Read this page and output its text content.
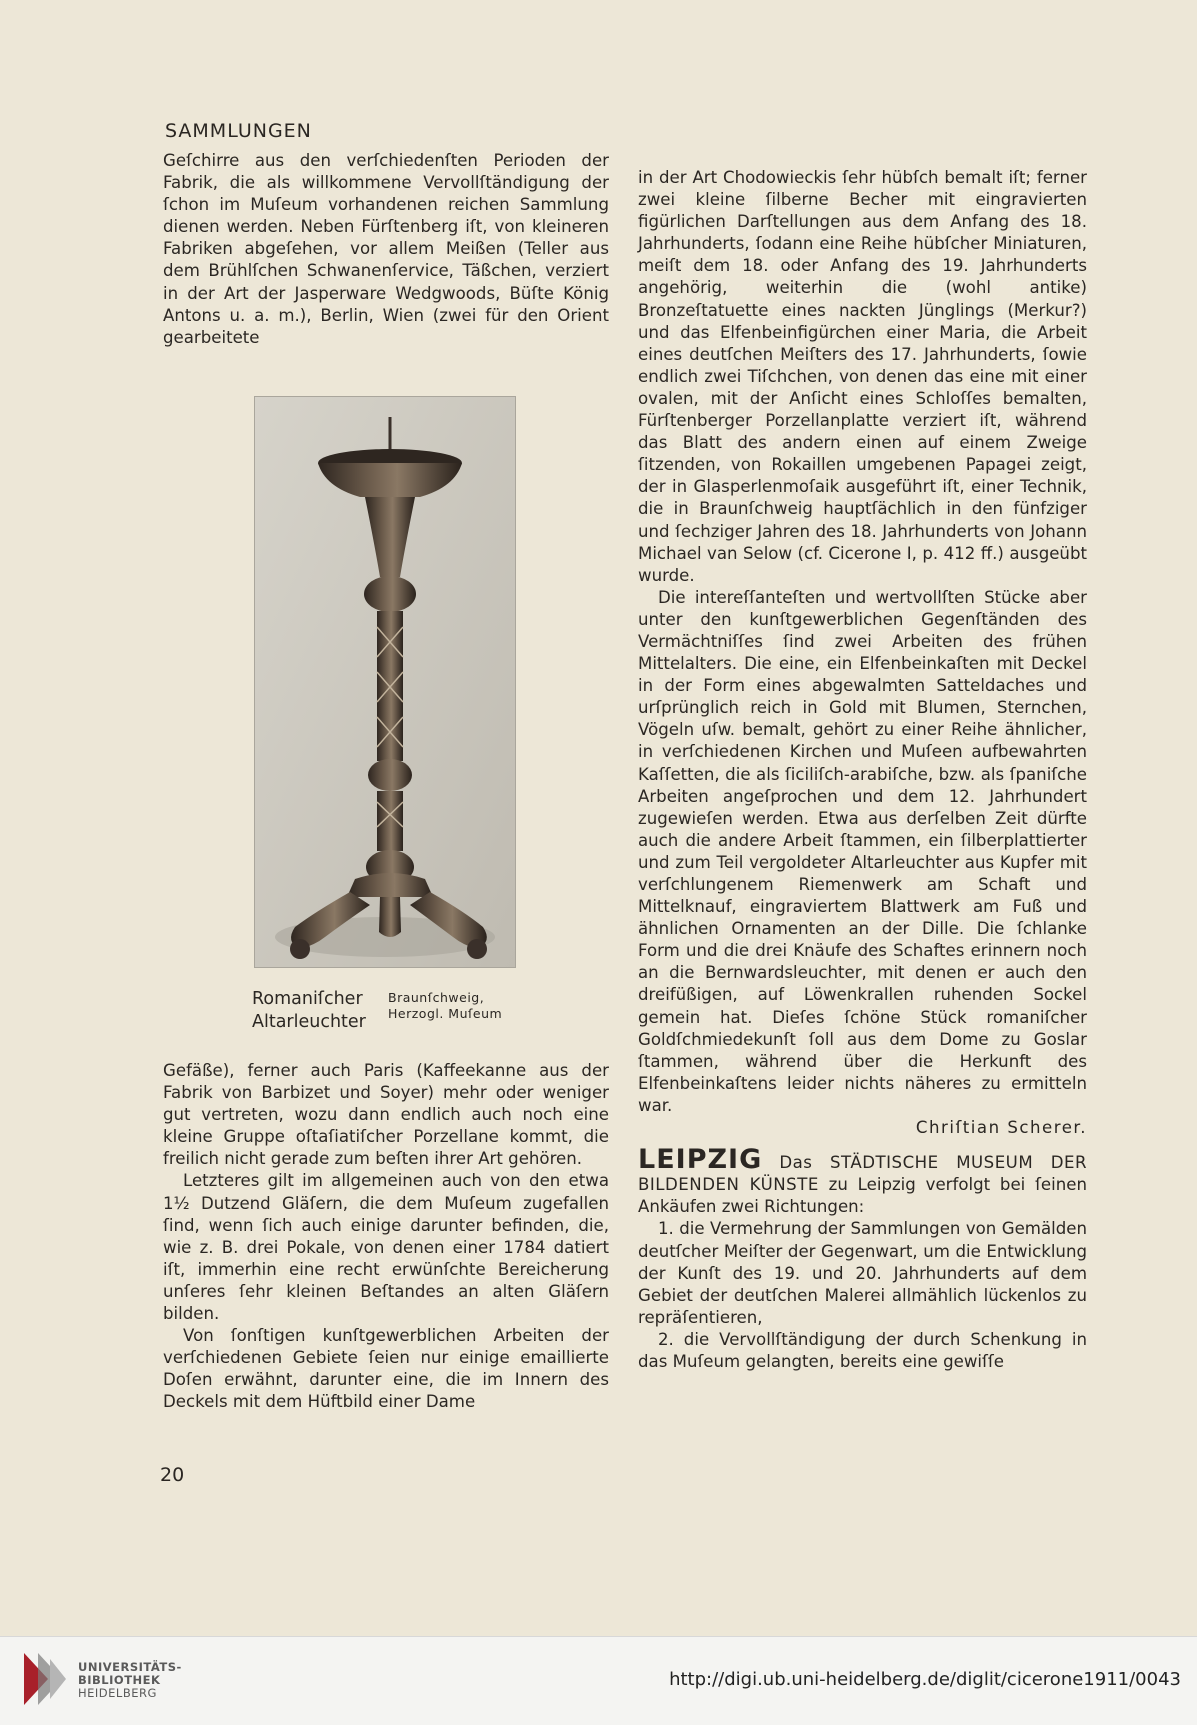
SAMMLUNGEN

Geſchirre aus den verſchiedenſten Perioden der Fabrik, die als willkommene Vervollſtändigung der ſchon im Muſeum vorhandenen reichen Sammlung dienen werden. Neben Fürſtenberg iſt, von kleineren Fabriken abgeſehen, vor allem Meißen (Teller aus dem Brühlſchen Schwanenſervice, Täßchen, verziert in der Art der Jasperware Wedgwoods, Büſte König Antons u. a. m.), Berlin, Wien (zwei für den Orient gearbeitete

Romaniſcher
Altarleuchter
Braunſchweig,
Herzogl. Muſeum

Gefäße), ferner auch Paris (Kaffeekanne aus der Fabrik von Barbizet und Soyer) mehr oder weniger gut vertreten, wozu dann endlich auch noch eine kleine Gruppe oſtaſiatiſcher Porzellane kommt, die freilich nicht gerade zum beſten ihrer Art gehören.

Letzteres gilt im allgemeinen auch von den etwa 1½ Dutzend Gläſern, die dem Muſeum zugefallen ſind, wenn ſich auch einige darunter befinden, die, wie z. B. drei Pokale, von denen einer 1784 datiert iſt, immerhin eine recht erwünſchte Bereicherung unſeres ſehr kleinen Beſtandes an alten Gläſern bilden.

Von ſonſtigen kunſtgewerblichen Arbeiten der verſchiedenen Gebiete ſeien nur einige emaillierte Doſen erwähnt, darunter eine, die im Innern des Deckels mit dem Hüftbild einer Dame

in der Art Chodowieckis ſehr hübſch bemalt iſt; ferner zwei kleine ſilberne Becher mit eingravierten figürlichen Darſtellungen aus dem Anfang des 18. Jahrhunderts, ſodann eine Reihe hübſcher Miniaturen, meiſt dem 18. oder Anfang des 19. Jahrhunderts angehörig, weiterhin die (wohl antike) Bronzeſtatuette eines nackten Jünglings (Merkur?) und das Elfenbeinfigürchen einer Maria, die Arbeit eines deutſchen Meiſters des 17. Jahrhunderts, ſowie endlich zwei Tiſchchen, von denen das eine mit einer ovalen, mit der Anſicht eines Schloſſes bemalten, Fürſtenberger Porzellanplatte verziert iſt, während das Blatt des andern einen auf einem Zweige ſitzenden, von Rokaillen umgebenen Papagei zeigt, der in Glasperlenmoſaik ausgeführt iſt, einer Technik, die in Braunſchweig hauptſächlich in den fünfziger und ſechziger Jahren des 18. Jahrhunderts von Johann Michael van Selow (cf. Cicerone I, p. 412 ff.) ausgeübt wurde.

Die intereſſanteſten und wertvollſten Stücke aber unter den kunſtgewerblichen Gegenſtänden des Vermächtniſſes ſind zwei Arbeiten des frühen Mittelalters. Die eine, ein Elfenbeinkaſten mit Deckel in der Form eines abgewalmten Satteldaches und urſprünglich reich in Gold mit Blumen, Sternchen, Vögeln uſw. bemalt, gehört zu einer Reihe ähnlicher, in verſchiedenen Kirchen und Muſeen aufbewahrten Kaſſetten, die als ſiciliſch-arabiſche, bzw. als ſpaniſche Arbeiten angeſprochen und dem 12. Jahrhundert zugewieſen werden. Etwa aus derſelben Zeit dürfte auch die andere Arbeit ſtammen, ein ſilberplattierter und zum Teil vergoldeter Altarleuchter aus Kupfer mit verſchlungenem Riemenwerk am Schaft und Mittelknauf, eingraviertem Blattwerk am Fuß und ähnlichen Ornamenten an der Dille. Die ſchlanke Form und die drei Knäufe des Schaftes erinnern noch an die Bernwardsleuchter, mit denen er auch den dreifüßigen, auf Löwenkrallen ruhenden Sockel gemein hat. Dieſes ſchöne Stück romaniſcher Goldſchmiedekunſt ſoll aus dem Dome zu Goslar ſtammen, während über die Herkunft des Elfenbeinkaſtens leider nichts näheres zu ermitteln war.

Chriſtian Scherer.

LEIPZIG Das STÄDTISCHE MUSEUM DER BILDENDEN KÜNSTE zu Leipzig verfolgt bei ſeinen Ankäufen zwei Richtungen:

1. die Vermehrung der Sammlungen von Gemälden deutſcher Meiſter der Gegenwart, um die Entwicklung der Kunſt des 19. und 20. Jahrhunderts auf dem Gebiet der deutſchen Malerei allmählich lückenlos zu repräſentieren,

2. die Vervollſtändigung der durch Schenkung in das Muſeum gelangten, bereits eine gewiſſe

20
UNIVERSITÄTS-
BIBLIOTHEK
HEIDELBERG
http://digi.ub.uni-heidelberg.de/diglit/cicerone1911/0043
